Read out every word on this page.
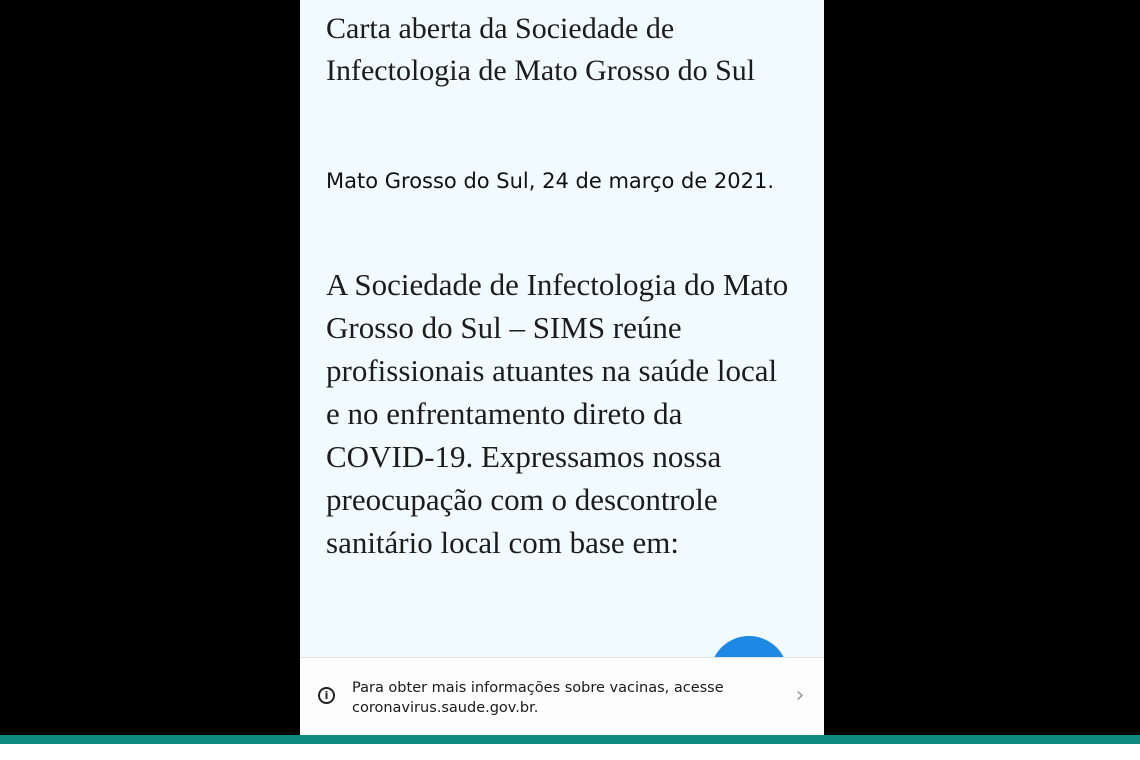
Carta aberta da Sociedade de Infectologia de Mato Grosso do Sul

Mato Grosso do Sul, 24 de março de 2021.

A Sociedade de Infectologia do Mato Grosso do Sul – SIMS reúne profissionais atuantes na saúde local e no enfrentamento direto da COVID-19. Expressamos nossa preocupação com o descontrole sanitário local com base em:

i	Para obter mais informações sobre vacinas, acesse coronavirus.saude.gov.br.	›
